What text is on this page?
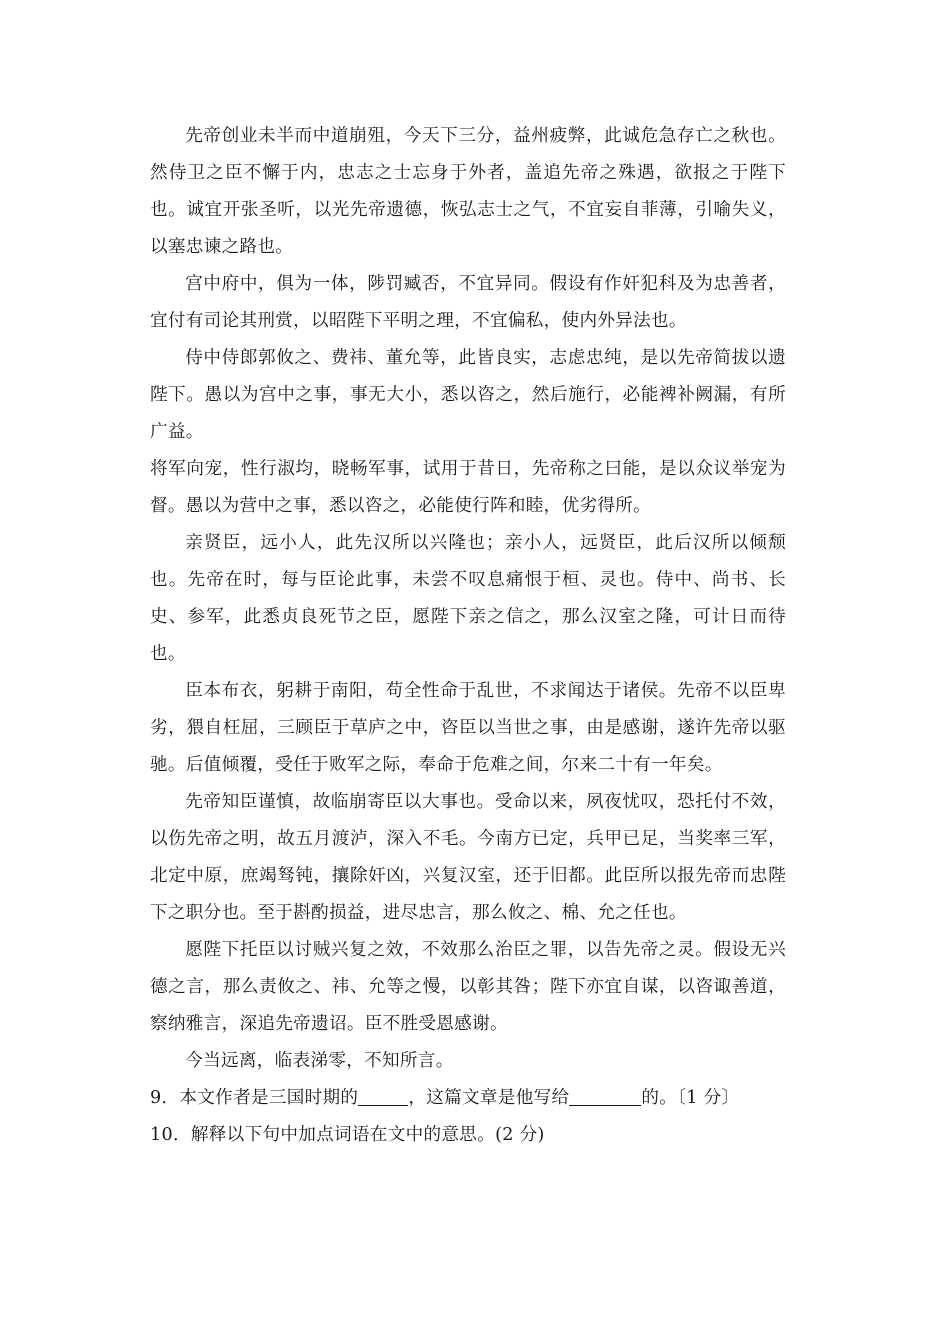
先帝创业未半而中道崩殂，今天下三分，益州疲弊，此诚危急存亡之秋也。然侍卫之臣不懈于内，忠志之士忘身于外者，盖追先帝之殊遇，欲报之于陛下也。诚宜开张圣听，以光先帝遗德，恢弘志士之气，不宜妄自菲薄，引喻失义，以塞忠谏之路也。

宫中府中，俱为一体，陟罚臧否，不宜异同。假设有作奸犯科及为忠善者，宜付有司论其刑赏，以昭陛下平明之理，不宜偏私，使内外异法也。

侍中侍郎郭攸之、费祎、董允等，此皆良实，志虑忠纯，是以先帝简拔以遗陛下。愚以为宫中之事，事无大小，悉以咨之，然后施行，必能裨补阙漏，有所广益。

将军向宠，性行淑均，晓畅军事，试用于昔日，先帝称之曰能，是以众议举宠为督。愚以为营中之事，悉以咨之，必能使行阵和睦，优劣得所。

亲贤臣，远小人，此先汉所以兴隆也；亲小人，远贤臣，此后汉所以倾颓也。先帝在时，每与臣论此事，未尝不叹息痛恨于桓、灵也。侍中、尚书、长史、参军，此悉贞良死节之臣，愿陛下亲之信之，那么汉室之隆，可计日而待也。

臣本布衣，躬耕于南阳，苟全性命于乱世，不求闻达于诸侯。先帝不以臣卑劣，猥自枉屈，三顾臣于草庐之中，咨臣以当世之事，由是感谢，遂许先帝以驱驰。后值倾覆，受任于败军之际，奉命于危难之间，尔来二十有一年矣。

先帝知臣谨慎，故临崩寄臣以大事也。受命以来，夙夜忧叹，恐托付不效，以伤先帝之明，故五月渡泸，深入不毛。今南方已定，兵甲已足，当奖率三军，北定中原，庶竭驽钝，攘除奸凶，兴复汉室，还于旧都。此臣所以报先帝而忠陛下之职分也。至于斟酌损益，进尽忠言，那么攸之、棉、允之任也。

愿陛下托臣以讨贼兴复之效，不效那么治臣之罪，以告先帝之灵。假设无兴德之言，那么责攸之、祎、允等之慢，以彰其咎；陛下亦宜自谋，以咨诹善道，察纳雅言，深追先帝遗诏。臣不胜受恩感谢。

今当远离，临表涕零，不知所言。

9．本文作者是三国时期的	，这篇文章是他写给	的。〔1 分〕

10．解释以下句中加点词语在文中的意思。(2 分)
